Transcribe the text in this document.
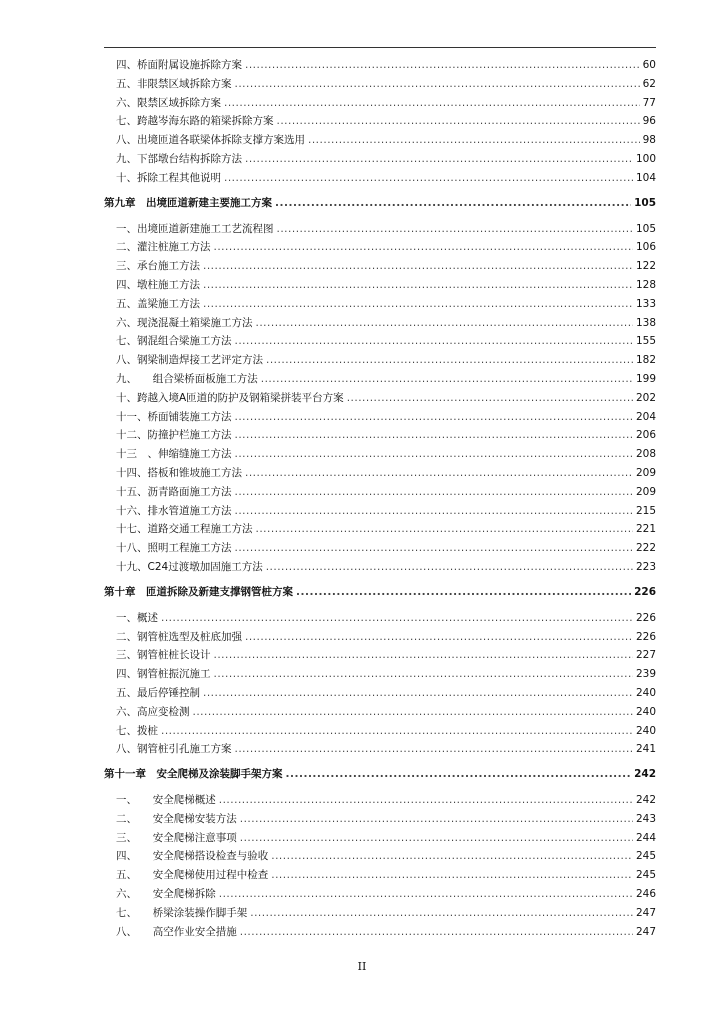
四、桥面附属设施拆除方案 .....	60
五、非限禁区域拆除方案 .....	62
六、限禁区域拆除方案 .....	77
七、跨越岑海东路的箱梁拆除方案 .....	96
八、出境匝道各联梁体拆除支撑方案选用 .....	98
九、下部墩台结构拆除方法 .....	100
十、拆除工程其他说明 .....	104
第九章　出境匝道新建主要施工方案 .....	105
一、出境匝道新建施工工艺流程图 .....	105
二、灌注桩施工方法 .....	106
三、承台施工方法 .....	122
四、墩柱施工方法 .....	128
五、盖梁施工方法 .....	133
六、现浇混凝土箱梁施工方法 .....	138
七、钢混组合梁施工方法 .....	155
八、钢梁制造焊接工艺评定方法 .....	182
九、　　组合梁桥面板施工方法 .....	199
十、跨越入境A匝道的防护及钢箱梁拼装平台方案 .....	202
十一、桥面铺装施工方法 .....	204
十二、防撞护栏施工方法 .....	206
十三　、伸缩缝施工方法 .....	208
十四、搭板和锥坡施工方法 .....	209
十五、沥青路面施工方法 .....	209
十六、排水管道施工方法 .....	215
十七、道路交通工程施工方法 .....	221
十八、照明工程施工方法 .....	222
十九、C24过渡墩加固施工方法 .....	223
第十章　匝道拆除及新建支撑钢管桩方案 .....	226
一、概述 .....	226
二、钢管桩选型及桩底加强 .....	226
三、钢管桩桩长设计 .....	227
四、钢管桩振沉施工 .....	239
五、最后停锤控制 .....	240
六、高应变检测 .....	240
七、拨桩 .....	240
八、钢管桩引孔施工方案 .....	241
第十一章　安全爬梯及涂装脚手架方案 .....	242
一、　　安全爬梯概述 .....	242
二、　　安全爬梯安装方法 .....	243
三、　　安全爬梯注意事项 .....	244
四、　　安全爬梯搭设检查与验收 .....	245
五、　　安全爬梯使用过程中检查 .....	245
六、　　安全爬梯拆除 .....	246
七、　　桥梁涂装操作脚手架 .....	247
八、　　高空作业安全措施 .....	247
II
